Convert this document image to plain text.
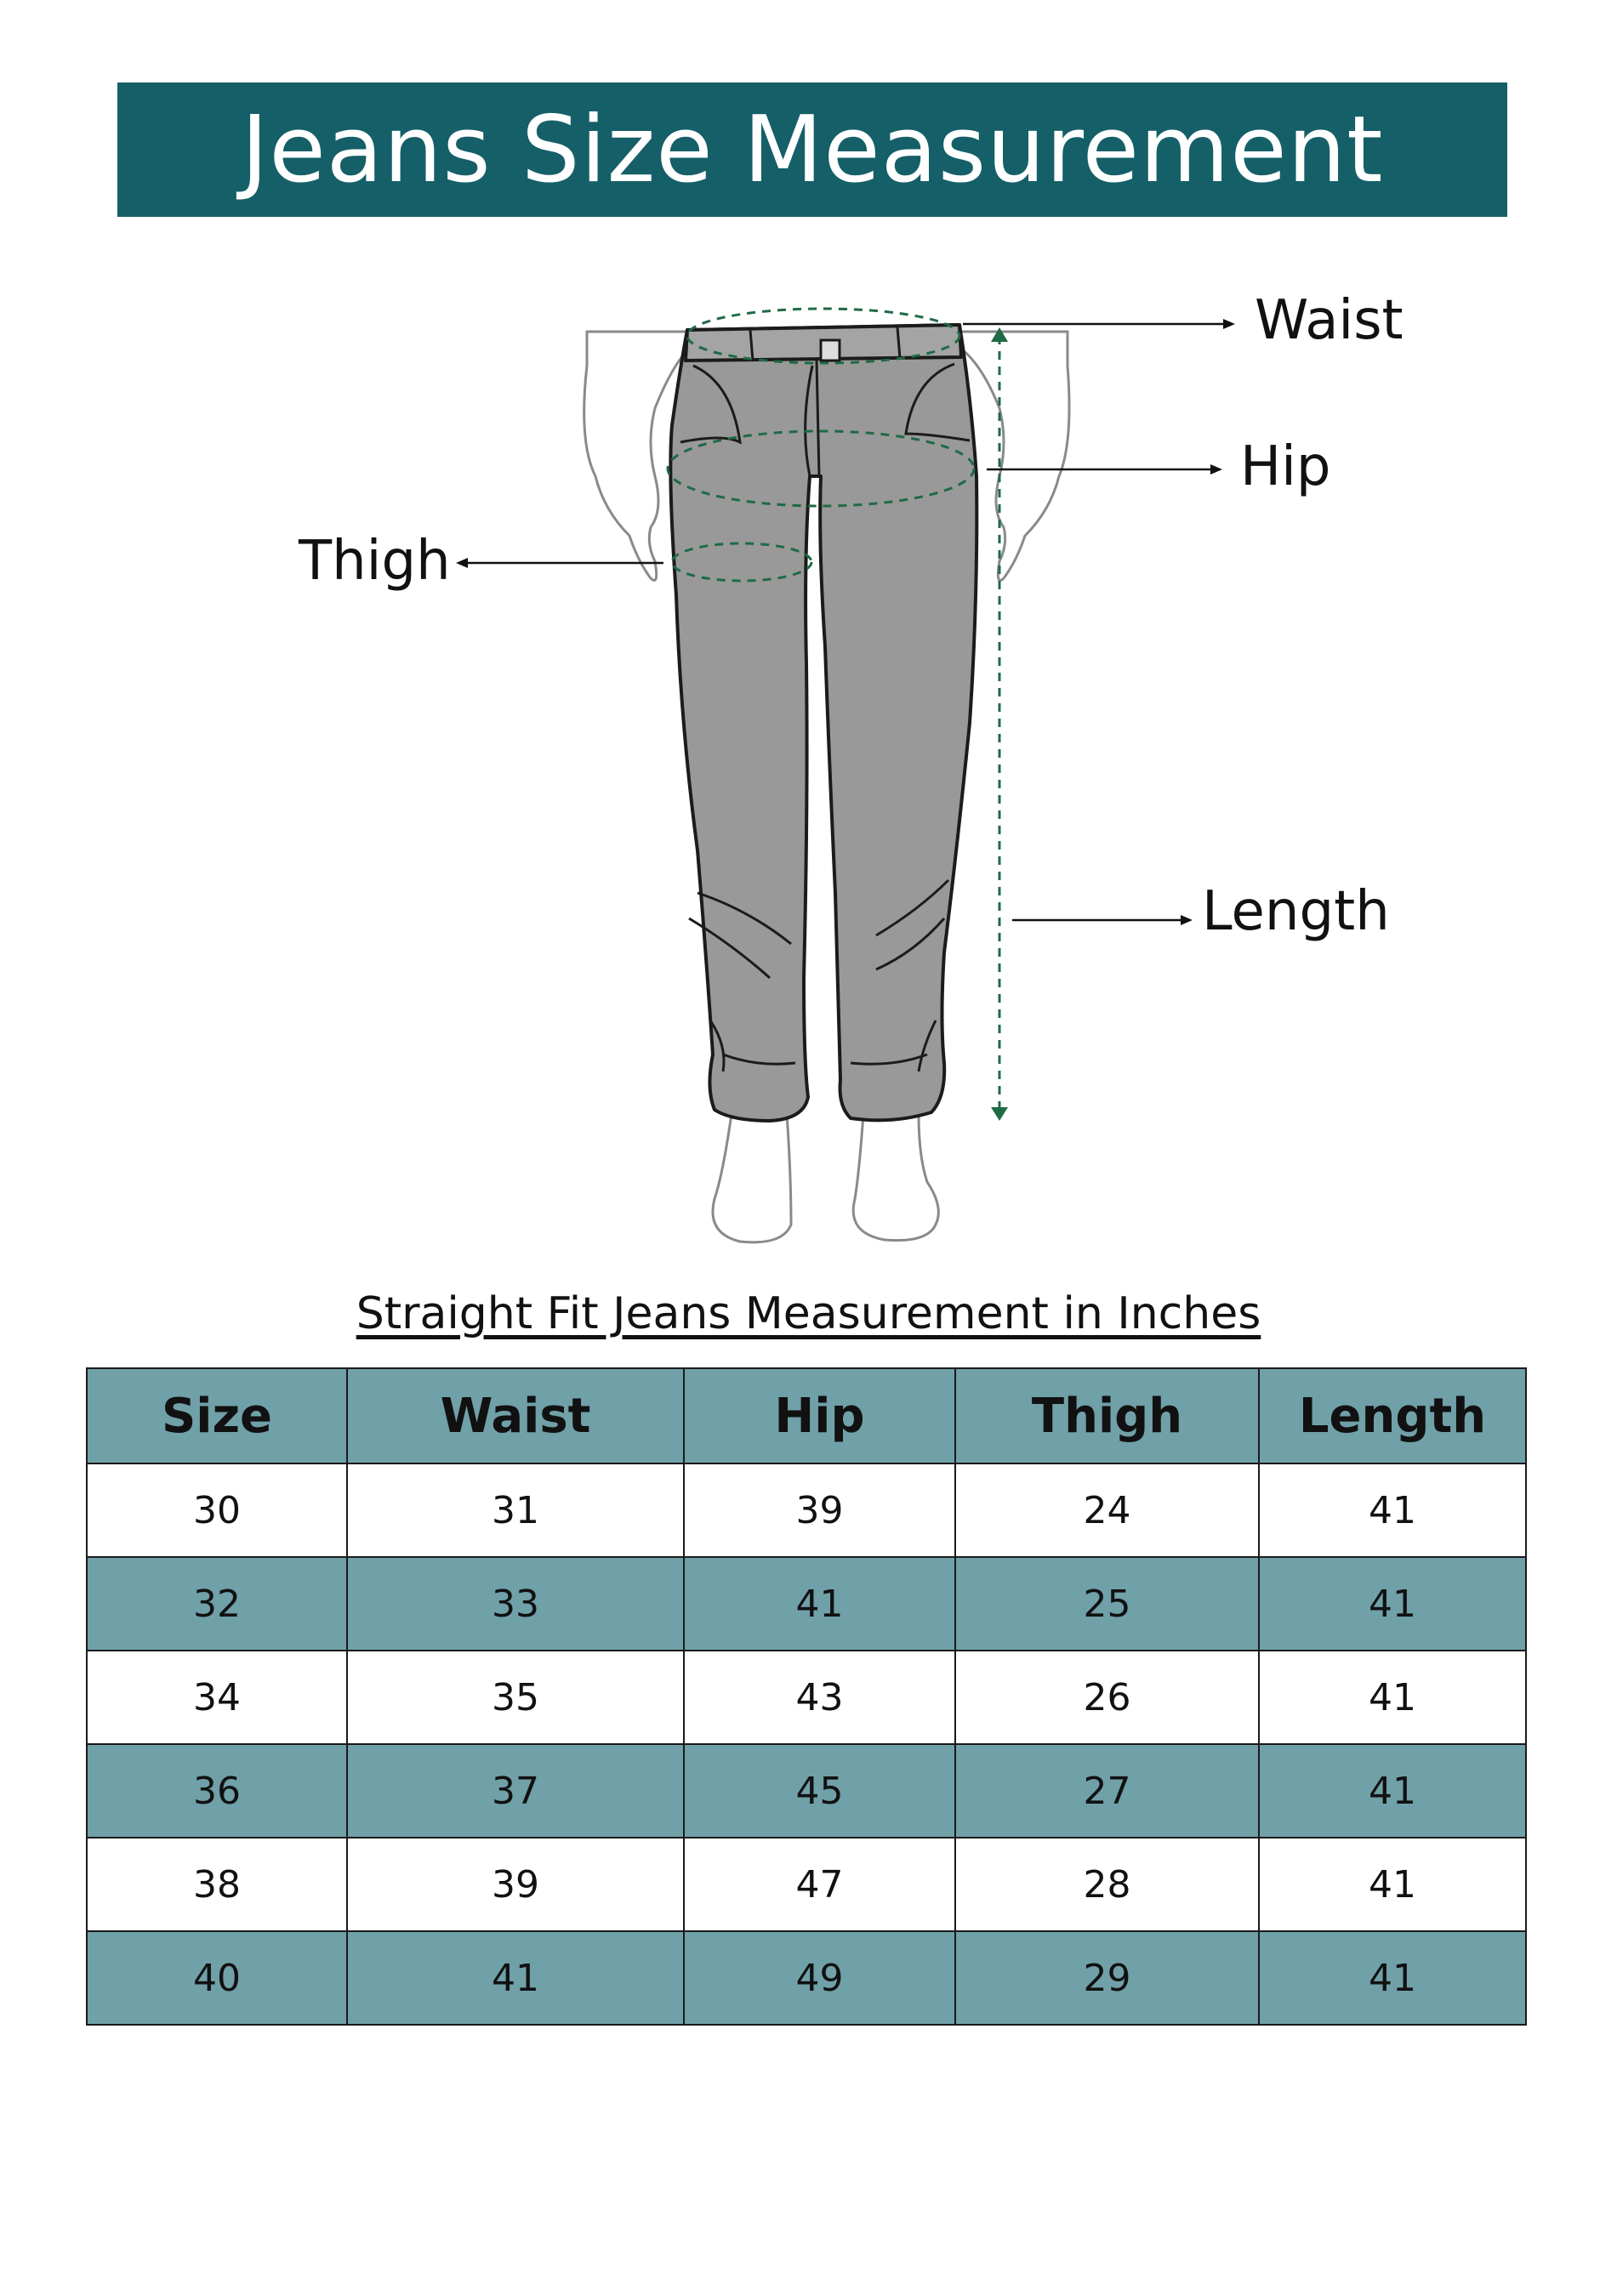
Jeans Size Measurement
Waist
Hip
Thigh
Length
Straight Fit Jeans Measurement in Inches
Size	Waist	Hip	Thigh	Length
30	31	39	24	41
32	33	41	25	41
34	35	43	26	41
36	37	45	27	41
38	39	47	28	41
40	41	49	29	41
